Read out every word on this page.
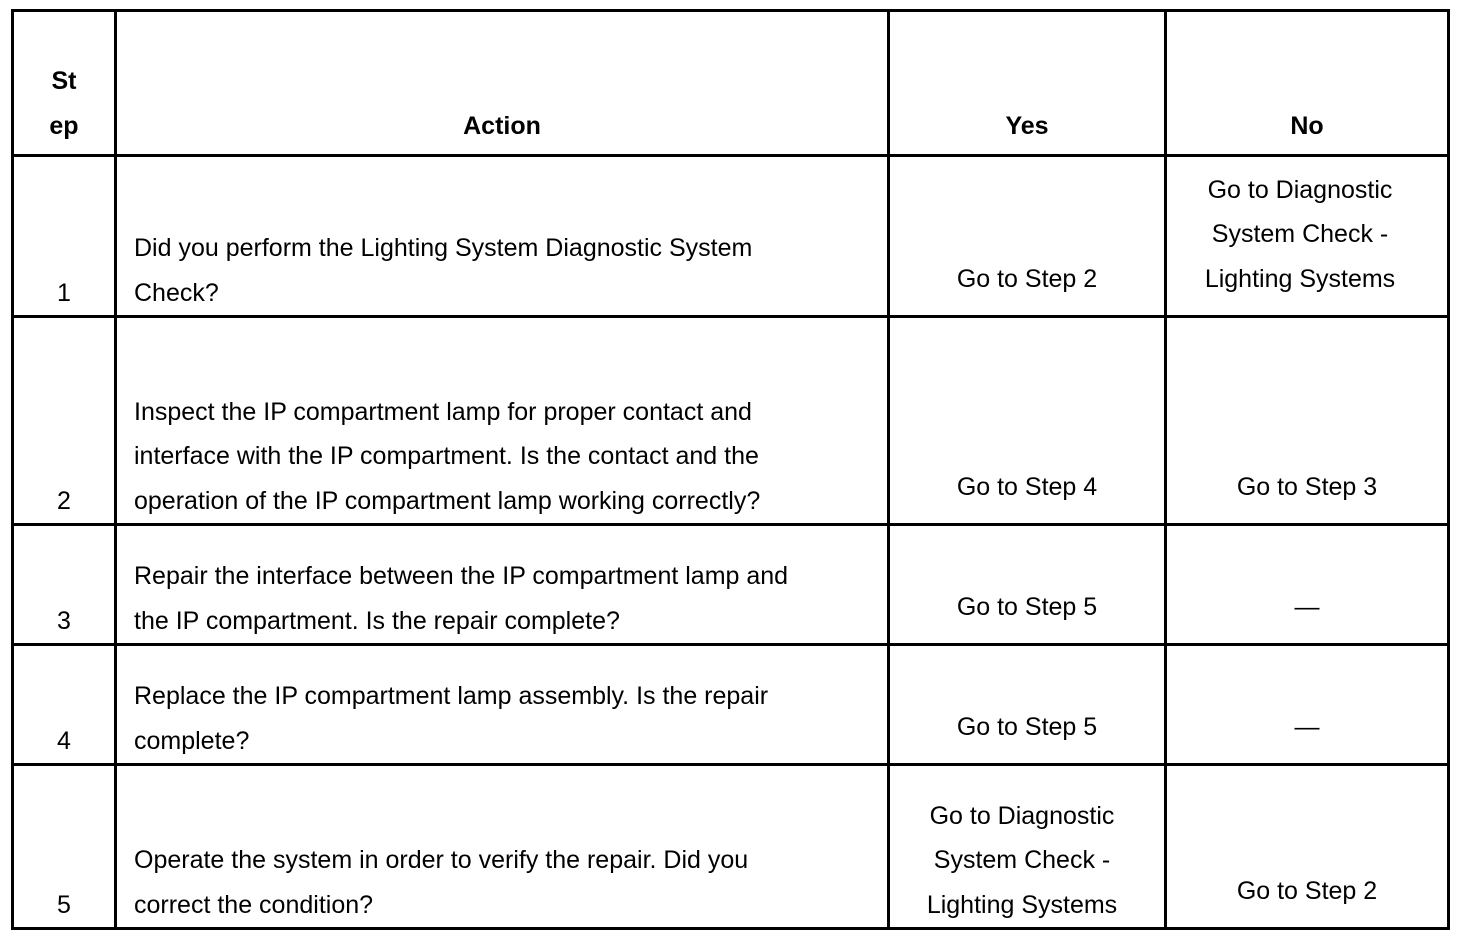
St
ep	Action	Yes	No
1	Did you perform the Lighting System Diagnostic System Check?	Go to Step 2	Go to Diagnostic System Check - Lighting Systems

2	Inspect the IP compartment lamp for proper contact and interface with the IP compartment. Is the contact and the operation of the IP compartment lamp working correctly?	Go to Step 4	Go to Step 3
3	Repair the interface between the IP compartment lamp and the IP compartment. Is the repair complete?	Go to Step 5	—
4	Replace the IP compartment lamp assembly. Is the repair complete?	Go to Step 5	—
5	Operate the system in order to verify the repair. Did you correct the condition?	Go to Diagnostic System Check - Lighting Systems	Go to Step 2
